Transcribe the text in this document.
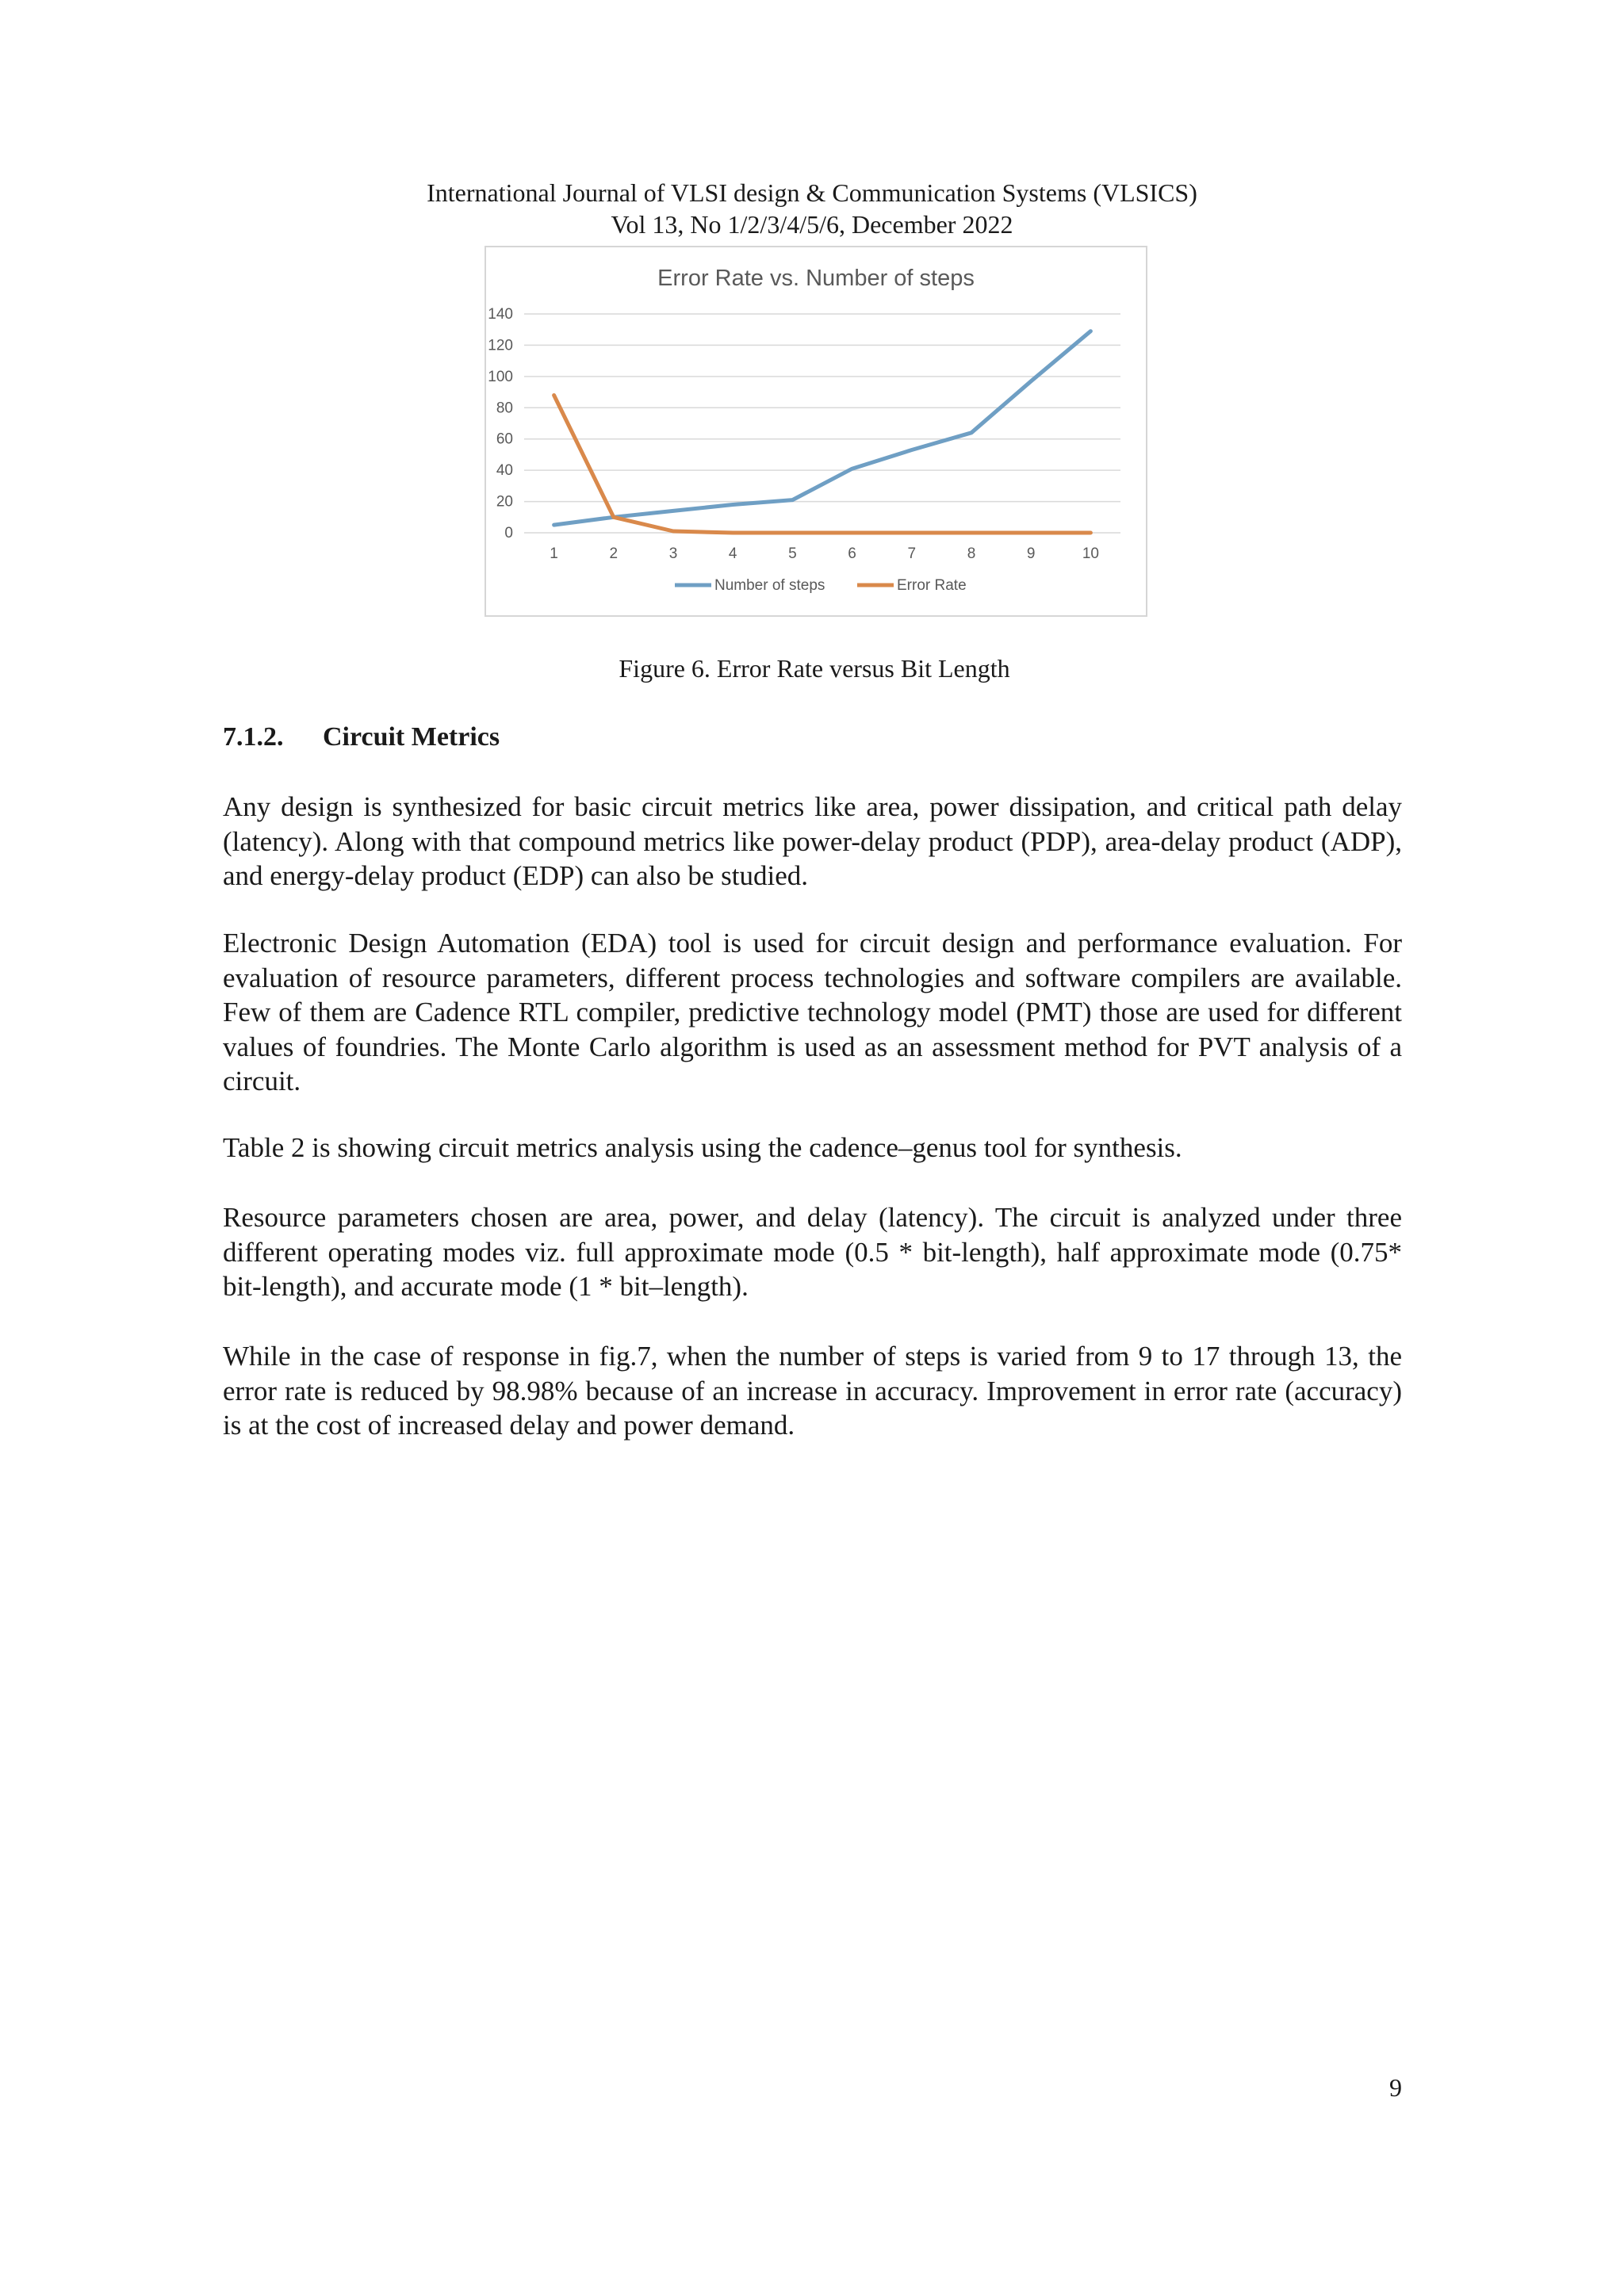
International Journal of VLSI design & Communication Systems (VLSICS)
Vol 13, No 1/2/3/4/5/6, December 2022
Error Rate vs. Number of steps
0
20
40
60
80
100
120
140
1	2	3	4	5	6	7	8	9	10
Number of steps	Error Rate
Figure 6. Error Rate versus Bit Length
7.1.2. Circuit Metrics

Any design is synthesized for basic circuit metrics like area, power dissipation, and critical path delay (latency). Along with that compound metrics like power-delay product (PDP), area-delay product (ADP), and energy-delay product (EDP) can also be studied.

Electronic Design Automation (EDA) tool is used for circuit design and performance evaluation. For evaluation of resource parameters, different process technologies and software compilers are available. Few of them are Cadence RTL compiler, predictive technology model (PMT) those are used for different values of foundries. The Monte Carlo algorithm is used as an assessment method for PVT analysis of a circuit.

Table 2 is showing circuit metrics analysis using the cadence–genus tool for synthesis.

Resource parameters chosen are area, power, and delay (latency). The circuit is analyzed under three different operating modes viz. full approximate mode (0.5 * bit-length), half approximate mode (0.75* bit-length), and accurate mode (1 * bit–length).

While in the case of response in fig.7, when the number of steps is varied from 9 to 17 through 13, the error rate is reduced by 98.98% because of an increase in accuracy. Improvement in error rate (accuracy) is at the cost of increased delay and power demand.

9
